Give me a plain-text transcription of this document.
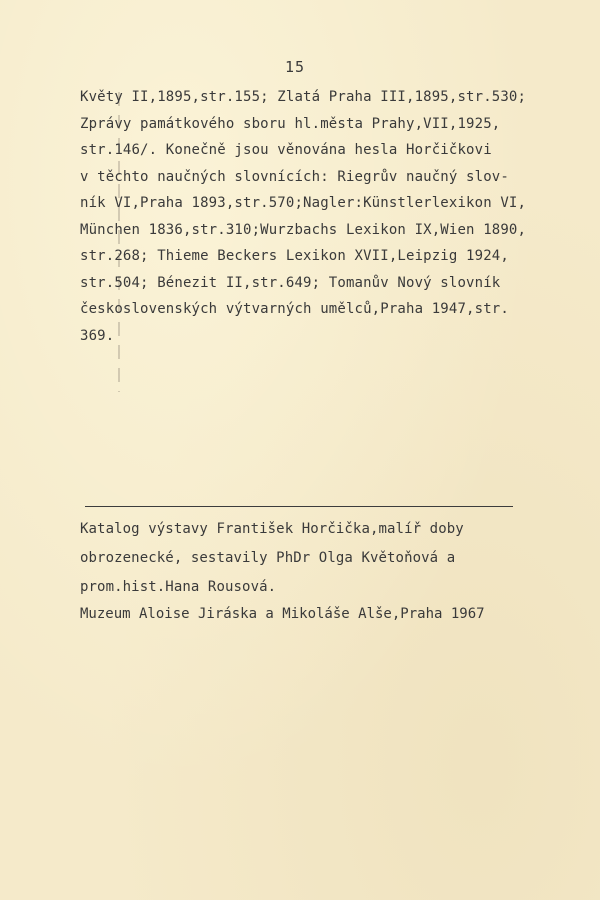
15
Květy II,1895,str.155; Zlatá Praha III,1895,str.530;
Zprávy památkového sboru hl.města Prahy,VII,1925,
str.146/. Konečně jsou věnována hesla Horčičkovi
v těchto naučných slovnících: Riegrův naučný slov-
ník VI,Praha 1893,str.570;Nagler:Künstlerlexikon VI,
München 1836,str.310;Wurzbachs Lexikon IX,Wien 1890,
str.268; Thieme Beckers Lexikon XVII,Leipzig 1924,
str.504; Bénezit II,str.649; Tomanův Nový slovník
československých výtvarných umělců,Praha 1947,str.
369.
Katalog výstavy František Horčička,malíř doby
obrozenecké, sestavily PhDr Olga Květoňová a
prom.hist.Hana Rousová.
Muzeum Aloise Jiráska a Mikoláše Alše,Praha 1967
